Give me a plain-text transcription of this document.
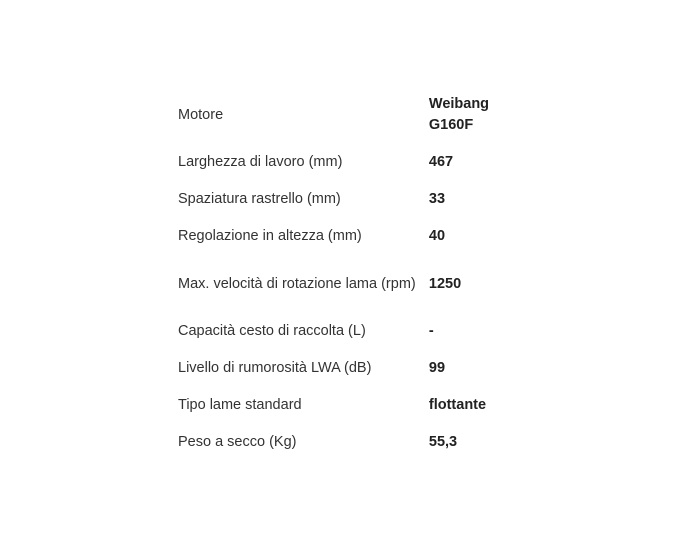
Motore	Weibang G160F

Larghezza di lavoro (mm)	467
Spaziatura rastrello (mm)	33
Regolazione in altezza (mm)	40
Max. velocità di rotazione lama (rpm)	1250
Capacità cesto di raccolta (L)	-
Livello di rumorosità LWA (dB)	99
Tipo lame standard	flottante
Peso a secco (Kg)	55,3
